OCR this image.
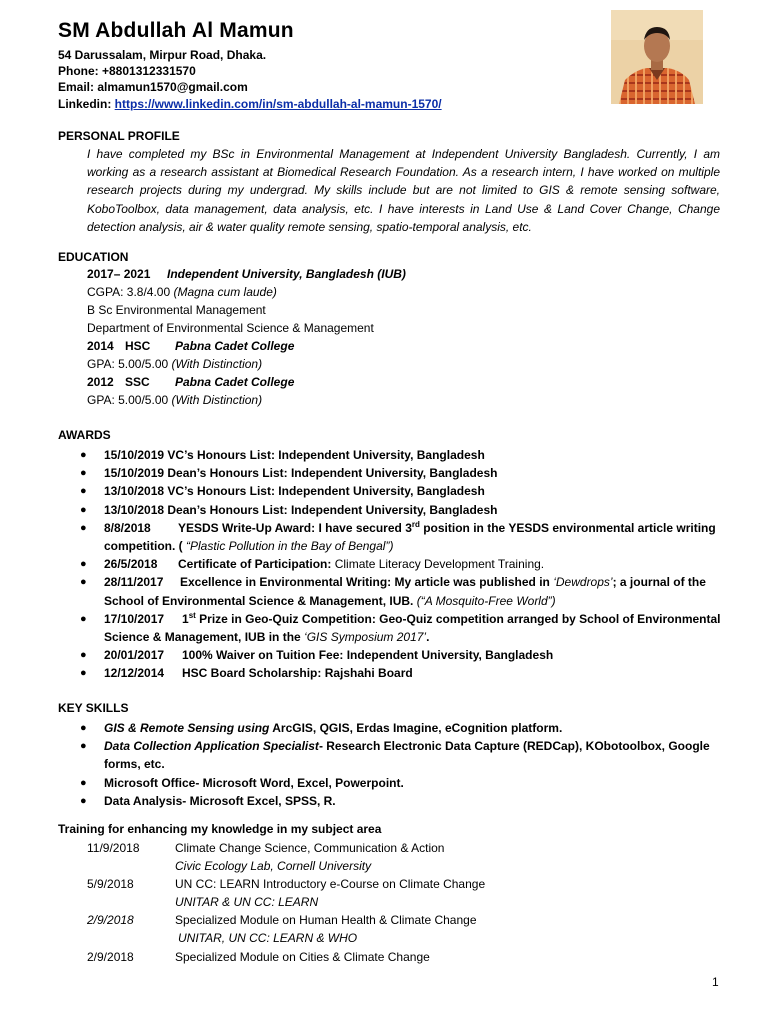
SM Abdullah Al Mamun
54 Darussalam, Mirpur Road, Dhaka.
Phone: +8801312331570
Email: almamun1570@gmail.com
Linkedin: https://www.linkedin.com/in/sm-abdullah-al-mamun-1570/
PERSONAL PROFILE
I have completed my BSc in Environmental Management at Independent University Bangladesh. Currently, I am working as a research assistant at Biomedical Research Foundation. As a research intern, I have worked on multiple research projects during my undergrad. My skills include but are not limited to GIS & remote sensing software, KoboToolbox, data management, data analysis, etc. I have interests in Land Use & Land Cover Change, Change detection analysis, air & water quality remote sensing, spatio-temporal analysis, etc.
EDUCATION
2017– 2021 Independent University, Bangladesh (IUB)
CGPA: 3.8/4.00 (Magna cum laude)
B Sc Environmental Management
Department of Environmental Science & Management
2014 HSC Pabna Cadet College
GPA: 5.00/5.00 (With Distinction)
2012 SSC Pabna Cadet College
GPA: 5.00/5.00 (With Distinction)
AWARDS
● 15/10/2019 VC’s Honours List: Independent University, Bangladesh
● 15/10/2019 Dean’s Honours List: Independent University, Bangladesh
● 13/10/2018 VC’s Honours List: Independent University, Bangladesh
● 13/10/2018 Dean’s Honours List: Independent University, Bangladesh
● 8/8/2018 YESDS Write-Up Award: I have secured 3rd position in the YESDS environmental article writing competition. ( “Plastic Pollution in the Bay of Bengal”)
● 26/5/2018 Certificate of Participation: Climate Literacy Development Training.
● 28/11/2017 Excellence in Environmental Writing: My article was published in ‘Dewdrops’; a journal of the School of Environmental Science & Management, IUB. (“A Mosquito-Free World”)
● 17/10/2017 1st Prize in Geo-Quiz Competition: Geo-Quiz competition arranged by School of Environmental Science & Management, IUB in the ‘GIS Symposium 2017’.
● 20/01/2017 100% Waiver on Tuition Fee: Independent University, Bangladesh
● 12/12/2014 HSC Board Scholarship: Rajshahi Board
KEY SKILLS
● GIS & Remote Sensing using ArcGIS, QGIS, Erdas Imagine, eCognition platform.
● Data Collection Application Specialist- Research Electronic Data Capture (REDCap), KObotoolbox, Google forms, etc.
● Microsoft Office- Microsoft Word, Excel, Powerpoint.
● Data Analysis- Microsoft Excel, SPSS, R.
Training for enhancing my knowledge in my subject area
11/9/2018	Climate Change Science, Communication & Action
Civic Ecology Lab, Cornell University
5/9/2018	UN CC: LEARN Introductory e-Course on Climate Change
UNITAR & UN CC: LEARN
2/9/2018	Specialized Module on Human Health & Climate Change
UNITAR, UN CC: LEARN & WHO
2/9/2018	Specialized Module on Cities & Climate Change
1
